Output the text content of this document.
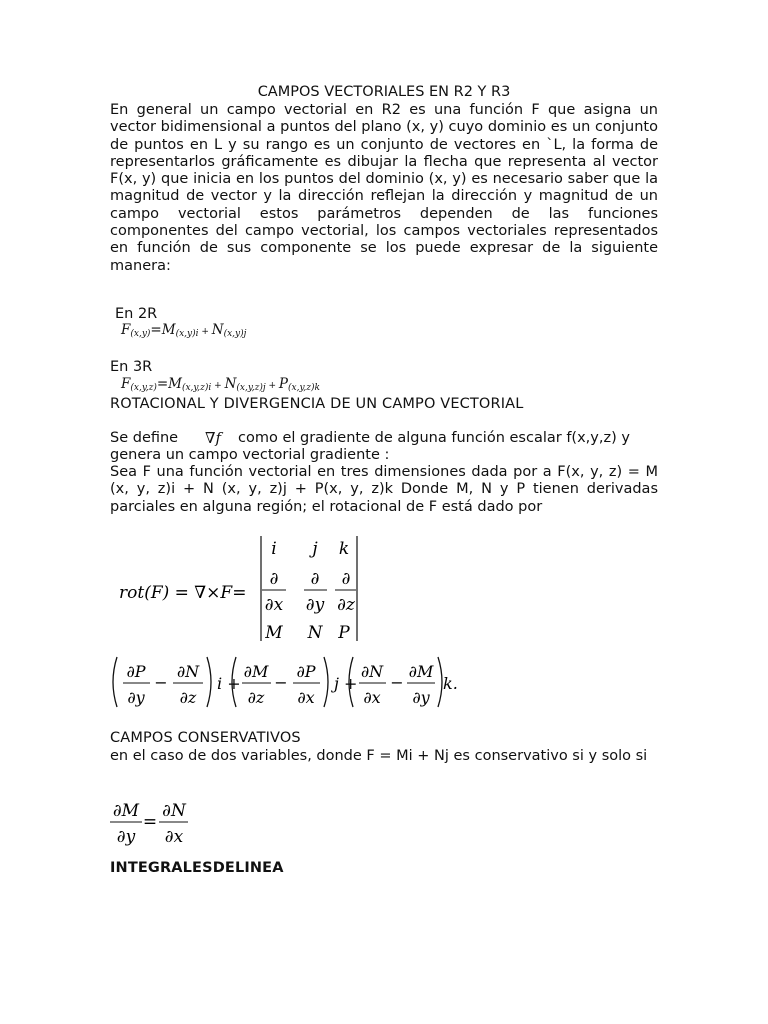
CAMPOS VECTORIALES EN R2 Y R3
En general un campo vectorial en R2 es una función F que asigna un vector bidimensional a puntos del plano (x, y) cuyo dominio es un conjunto de puntos en L y su rango es un conjunto de vectores en `L, la forma de representarlos gráficamente es dibujar la flecha que representa al vector F(x, y) que inicia en los puntos del dominio (x, y) es necesario saber que la magnitud de vector y la dirección reflejan la dirección y magnitud de un campo vectorial estos parámetros dependen de las funciones componentes del campo vectorial, los campos vectoriales representados en función de sus componente se los puede expresar de la siguiente manera:
En 2R
$F_{(x,y)}=M_{(x,y)i} + N_{(x,y)j}$
En 3R
$F_{(x,y,z)}=M_{(x,y,z)i} + N_{(x,y,z)j} + P_{(x,y,z)k}$
ROTACIONAL Y DIVERGENCIA DE UN CAMPO VECTORIAL
Se define ∇f como el gradiente de alguna función escalar f(x,y,z) y
genera un campo vectorial gradiente :
Sea F una función vectorial en tres dimensiones dada por a F(x, y, z) = M (x, y, z)i + N (x, y, z)j + P(x, y, z)k Donde M, N y P tienen derivadas parciales en alguna región; el rotacional de F está dado por
rot(F) = ∇×F=
i j k
∂ ∂ ∂
∂x ∂y ∂z
M N P
∂P
∂y
−
∂N
∂z
i +
∂M
∂z
−
∂P
∂x
j +
∂N
∂x
−
∂M
∂y
k.
CAMPOS CONSERVATIVOS
en el caso de dos variables, donde F = Mi + Nj es conservativo si y solo si
∂M
∂y
=
∂N
∂x
INTEGRALESDELINEA
